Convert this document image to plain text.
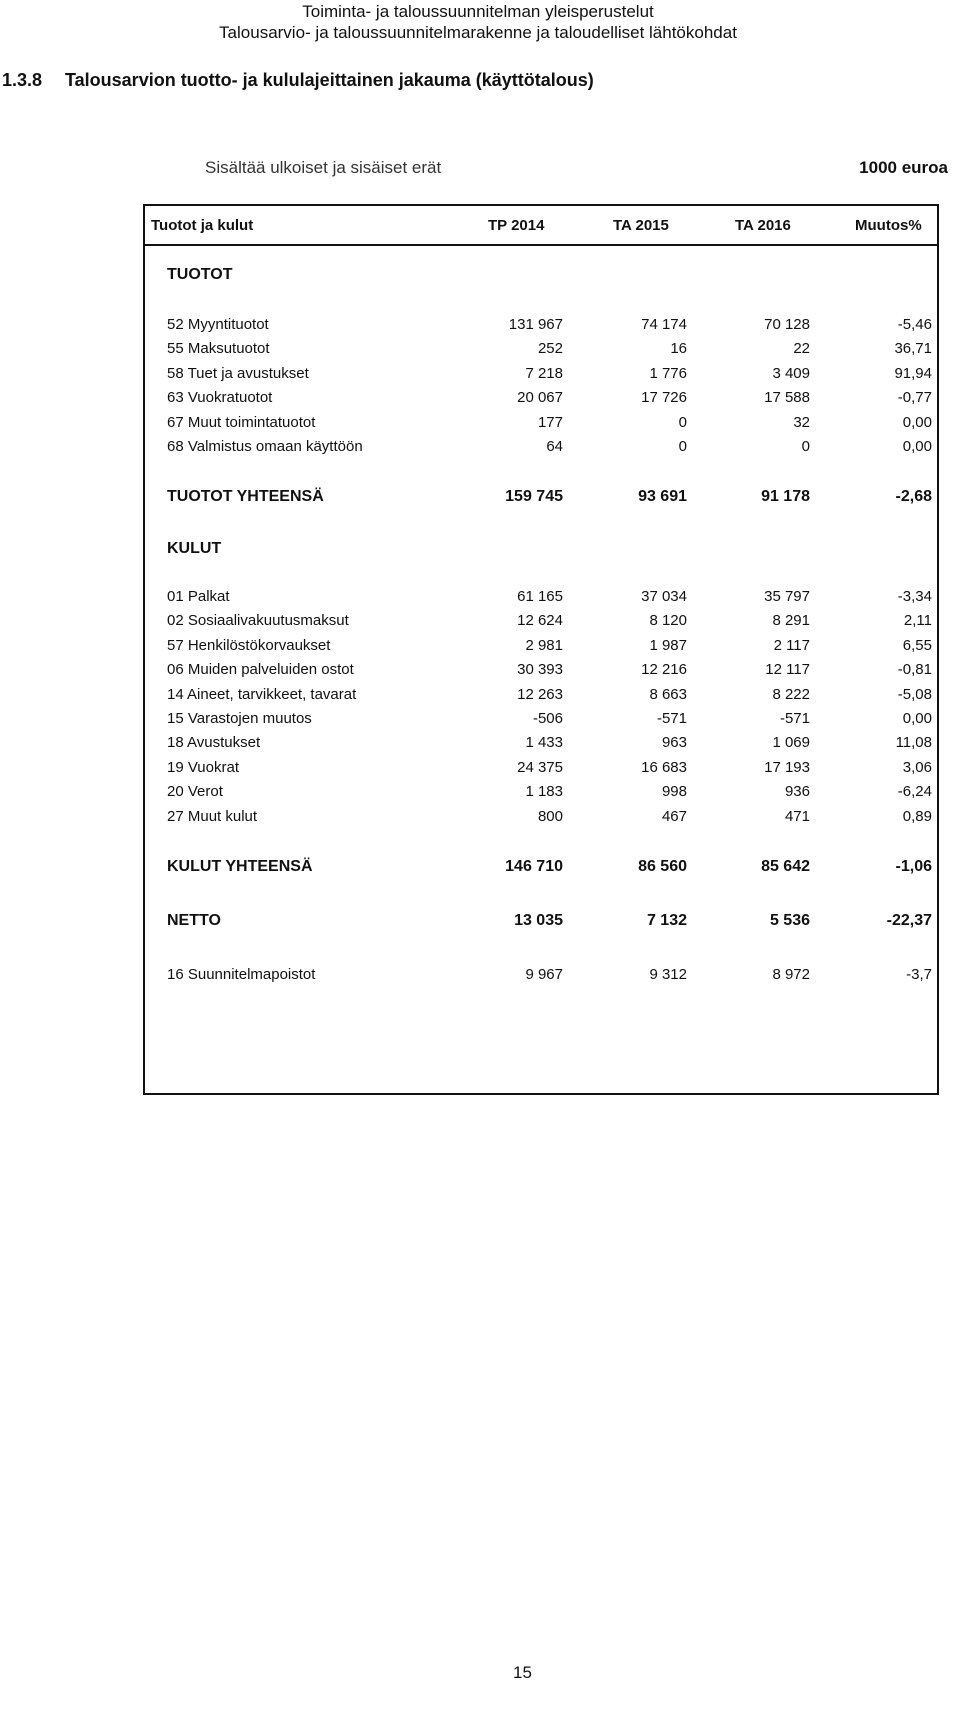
Toiminta- ja taloussuunnitelman yleisperustelut
Talousarvio- ja taloussuunnitelmarakenne ja taloudelliset lähtökohdat
1.3.8 Talousarvion tuotto- ja kululajeittainen jakauma (käyttötalous)
Sisältää ulkoiset ja sisäiset erät	1000 euroa
Tuotot ja kulut	TP 2014	TA 2015	TA 2016	Muutos%
TUOTOT
52 Myyntituotot	131 967	74 174	70 128	-5,46
55 Maksutuotot	252	16	22	36,71
58 Tuet ja avustukset	7 218	1 776	3 409	91,94
63 Vuokratuotot	20 067	17 726	17 588	-0,77
67 Muut toimintatuotot	177	0	32	0,00
68 Valmistus omaan käyttöön	64	0	0	0,00
TUOTOT YHTEENSÄ	159 745	93 691	91 178	-2,68
KULUT
01 Palkat	61 165	37 034	35 797	-3,34
02 Sosiaalivakuutusmaksut	12 624	8 120	8 291	2,11
57 Henkilöstökorvaukset	2 981	1 987	2 117	6,55
06 Muiden palveluiden ostot	30 393	12 216	12 117	-0,81
14 Aineet, tarvikkeet, tavarat	12 263	8 663	8 222	-5,08
15 Varastojen muutos	-506	-571	-571	0,00
18 Avustukset	1 433	963	1 069	11,08
19 Vuokrat	24 375	16 683	17 193	3,06
20 Verot	1 183	998	936	-6,24
27 Muut kulut	800	467	471	0,89
KULUT YHTEENSÄ	146 710	86 560	85 642	-1,06
NETTO	13 035	7 132	5 536	-22,37
16 Suunnitelmapoistot	9 967	9 312	8 972	-3,7
15
